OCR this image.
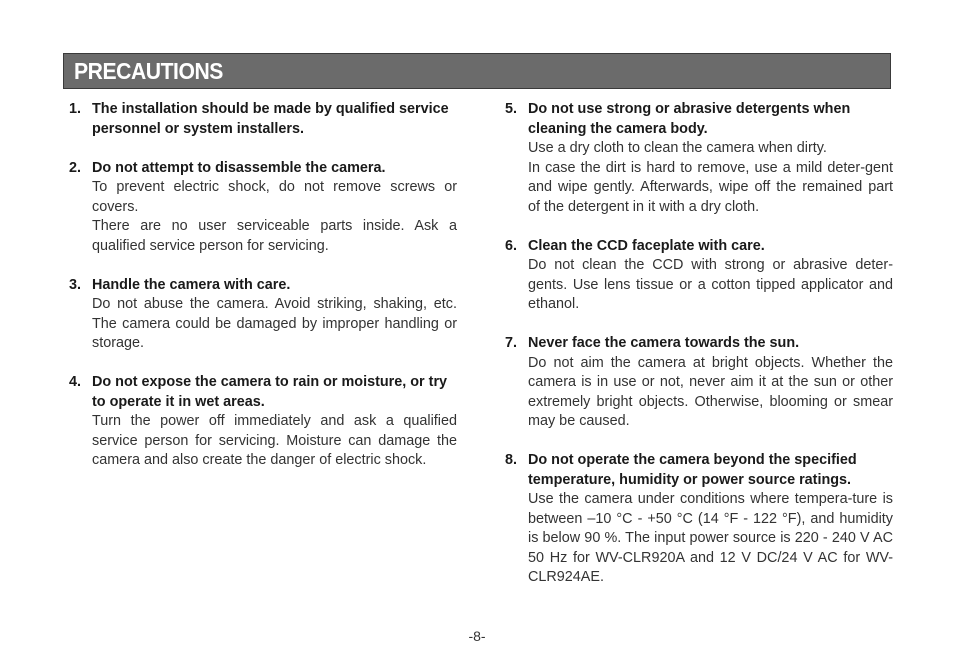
PRECAUTIONS
1. The installation should be made by qualified service personnel or system installers.
2. Do not attempt to disassemble the camera.

To prevent electric shock, do not remove screws or covers.

There are no user serviceable parts inside. Ask a qualified service person for servicing.

3. Handle the camera with care.

Do not abuse the camera. Avoid striking, shaking, etc. The camera could be damaged by improper handling or storage.

4. Do not expose the camera to rain or moisture, or try to operate it in wet areas.

Turn the power off immediately and ask a qualified service person for servicing. Moisture can damage the camera and also create the danger of electric shock.

5. Do not use strong or abrasive detergents when cleaning the camera body.

Use a dry cloth to clean the camera when dirty.

In case the dirt is hard to remove, use a mild deter-gent and wipe gently. Afterwards, wipe off the remained part of the detergent in it with a dry cloth.

6. Clean the CCD faceplate with care.

Do not clean the CCD with strong or abrasive deter-gents. Use lens tissue or a cotton tipped applicator and ethanol.

7. Never face the camera towards the sun.

Do not aim the camera at bright objects. Whether the camera is in use or not, never aim it at the sun or other extremely bright objects. Otherwise, blooming or smear may be caused.

8. Do not operate the camera beyond the specified temperature, humidity or power source ratings.

Use the camera under conditions where tempera-ture is between –10 °C - +50 °C (14 °F - 122 °F), and humidity is below 90 %. The input power source is 220 - 240 V AC 50 Hz for WV-CLR920A and 12 V DC/24 V AC for WV-CLR924AE.

-8-
